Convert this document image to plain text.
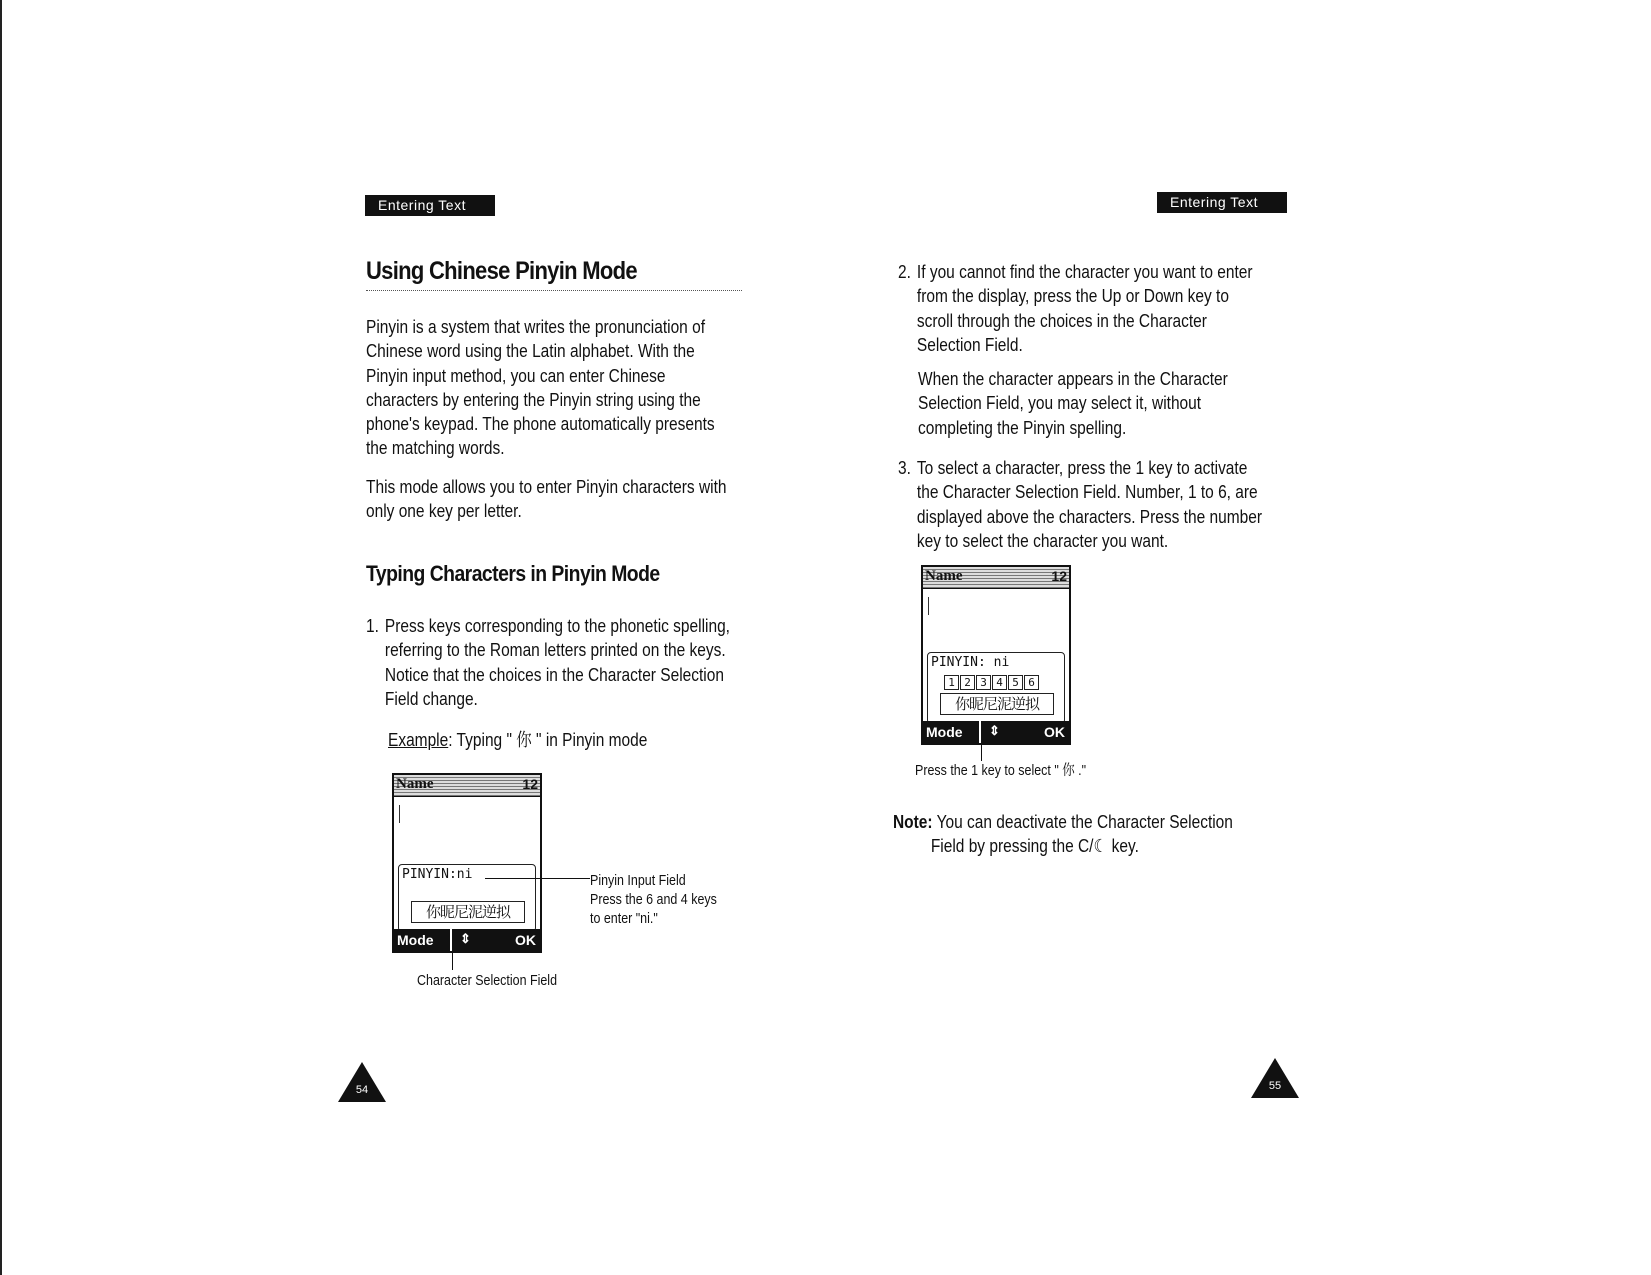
Entering Text	Entering Text
Using Chinese Pinyin Mode
Pinyin is a system that writes the pronunciation of
Chinese word using the Latin alphabet. With the
Pinyin input method, you can enter Chinese
characters by entering the Pinyin string using the
phone's keypad. The phone automatically presents
the matching words.
This mode allows you to enter Pinyin characters with
only one key per letter.
Typing Characters in Pinyin Mode
1. Press keys corresponding to the phonetic spelling,
referring to the Roman letters printed on the keys.
Notice that the choices in the Character Selection
Field change.
Example: Typing " 你 " in Pinyin mode
Name	12
PINYIN:ni
你昵尼泥逆拟
Mode ⇕	OK
Pinyin Input Field
Press the 6 and 4 keys
to enter "ni."
Character Selection Field
54
2. If you cannot find the character you want to enter
from the display, press the Up or Down key to
scroll through the choices in the Character
Selection Field.
When the character appears in the Character
Selection Field, you may select it, without
completing the Pinyin spelling.
3. To select a character, press the 1 key to activate
the Character Selection Field. Number, 1 to 6, are
displayed above the characters. Press the number
key to select the character you want.
Name	12
PINYIN: ni
1 2 3 4 5 6
你昵尼泥逆拟
Mode ⇕	OK
Press the 1 key to select " 你 ."
Note: You can deactivate the Character Selection
Field by pressing the C/☾ key.
55
